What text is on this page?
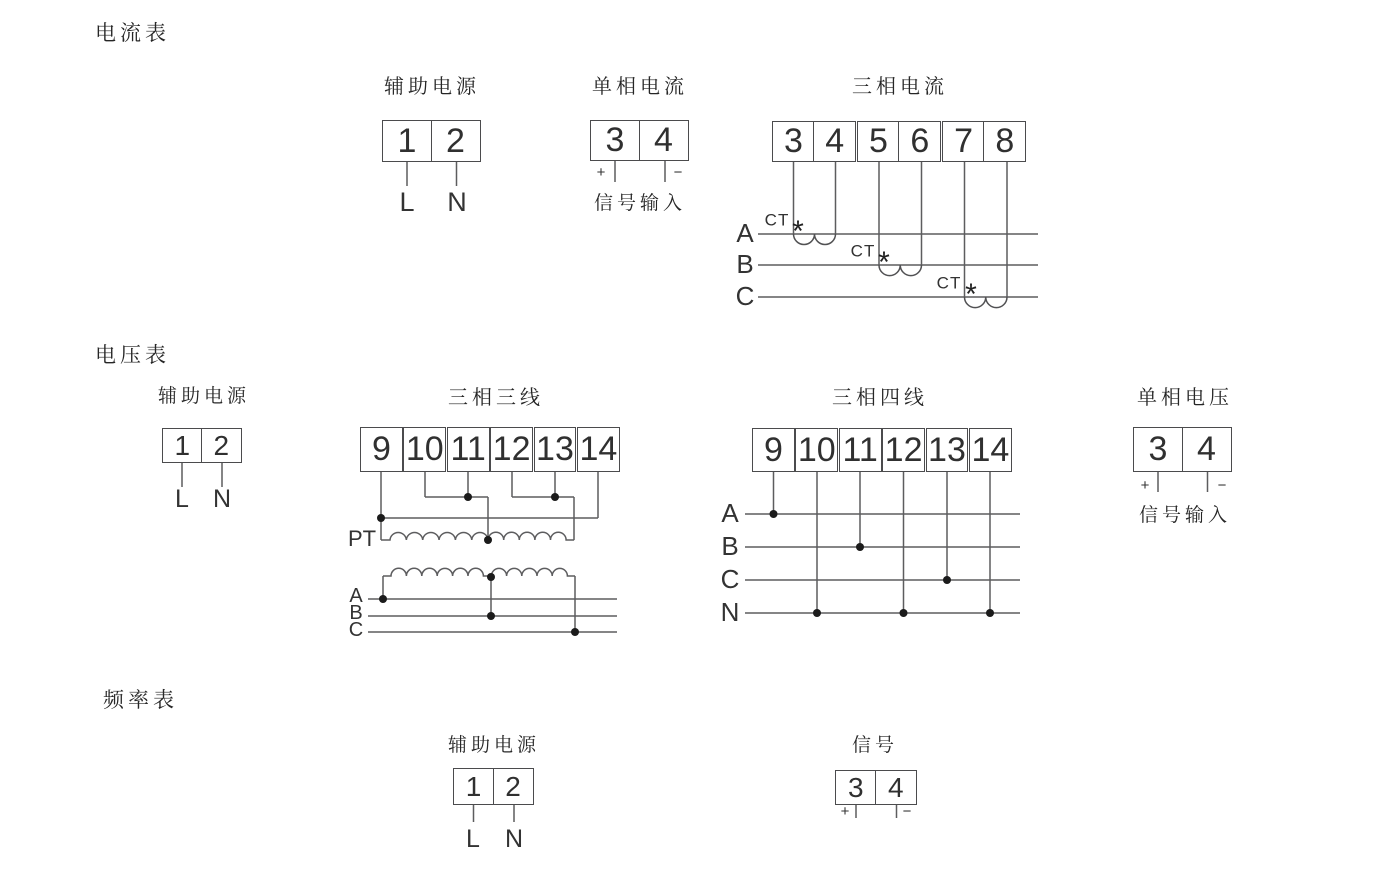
电流表
电压表
频率表
辅助电源
1 2
L N
单相电流
3 4
+	−
信号输入
三相电流
3 4 5 6 7 8
A
B
C
CT
CT
CT
*
*
*
辅助电源
1 2
L N
三相三线
9 10 11 12 13 14
PT
A
B
C
三相四线
9 10 11 12 13 14
A
B
C
N
单相电压
3 4
+	−
信号输入
辅助电源
1 2
L N
信号
3 4
+	−
